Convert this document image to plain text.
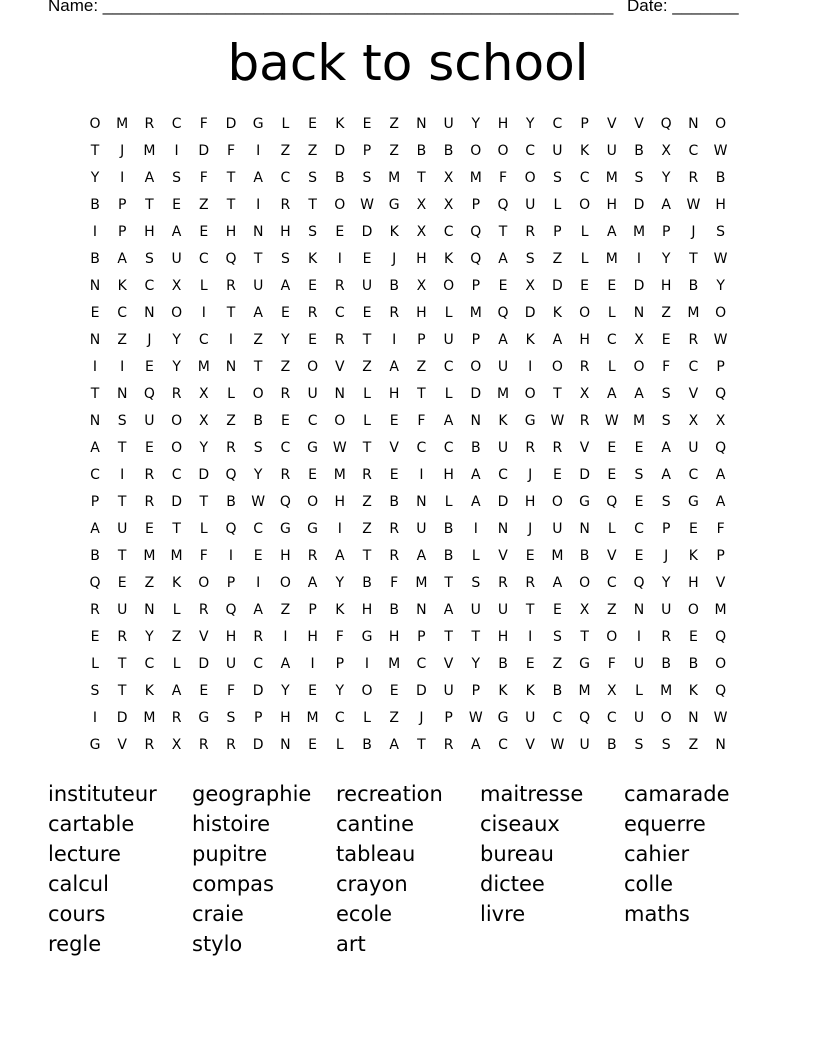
Name: ______________________________________________________ Date: _______
back to school
O	M	R	C	F	D	G	L	E	K	E	Z	N	U	Y	H	Y	C	P	V	V	Q	N	O
T	J	M	I	D	F	I	Z	Z	D	P	Z	B	B	O	O	C	U	K	U	B	X	C	W
Y	I	A	S	F	T	A	C	S	B	S	M	T	X	M	F	O	S	C	M	S	Y	R	B
B	P	T	E	Z	T	I	R	T	O	W	G	X	X	P	Q	U	L	O	H	D	A	W	H
I	P	H	A	E	H	N	H	S	E	D	K	X	C	Q	T	R	P	L	A	M	P	J	S
B	A	S	U	C	Q	T	S	K	I	E	J	H	K	Q	A	S	Z	L	M	I	Y	T	W
N	K	C	X	L	R	U	A	E	R	U	B	X	O	P	E	X	D	E	E	D	H	B	Y
E	C	N	O	I	T	A	E	R	C	E	R	H	L	M	Q	D	K	O	L	N	Z	M	O
N	Z	J	Y	C	I	Z	Y	E	R	T	I	P	U	P	A	K	A	H	C	X	E	R	W
I	I	E	Y	M	N	T	Z	O	V	Z	A	Z	C	O	U	I	O	R	L	O	F	C	P
T	N	Q	R	X	L	O	R	U	N	L	H	T	L	D	M	O	T	X	A	A	S	V	Q
N	S	U	O	X	Z	B	E	C	O	L	E	F	A	N	K	G	W	R	W	M	S	X	X
A	T	E	O	Y	R	S	C	G	W	T	V	C	C	B	U	R	R	V	E	E	A	U	Q
C	I	R	C	D	Q	Y	R	E	M	R	E	I	H	A	C	J	E	D	E	S	A	C	A
P	T	R	D	T	B	W	Q	O	H	Z	B	N	L	A	D	H	O	G	Q	E	S	G	A
A	U	E	T	L	Q	C	G	G	I	Z	R	U	B	I	N	J	U	N	L	C	P	E	F
B	T	M	M	F	I	E	H	R	A	T	R	A	B	L	V	E	M	B	V	E	J	K	P
Q	E	Z	K	O	P	I	O	A	Y	B	F	M	T	S	R	R	A	O	C	Q	Y	H	V
R	U	N	L	R	Q	A	Z	P	K	H	B	N	A	U	U	T	E	X	Z	N	U	O	M
E	R	Y	Z	V	H	R	I	H	F	G	H	P	T	T	H	I	S	T	O	I	R	E	Q
L	T	C	L	D	U	C	A	I	P	I	M	C	V	Y	B	E	Z	G	F	U	B	B	O
S	T	K	A	E	F	D	Y	E	Y	O	E	D	U	P	K	K	B	M	X	L	M	K	Q
I	D	M	R	G	S	P	H	M	C	L	Z	J	P	W	G	U	C	Q	C	U	O	N	W
G	V	R	X	R	R	D	N	E	L	B	A	T	R	A	C	V	W	U	B	S	S	Z	N
instituteur
cartable
lecture
calcul
cours
regle
geographie
histoire
pupitre
compas
craie
stylo
recreation
cantine
tableau
crayon
ecole
art
maitresse
ciseaux
bureau
dictee
livre
camarade
equerre
cahier
colle
maths
